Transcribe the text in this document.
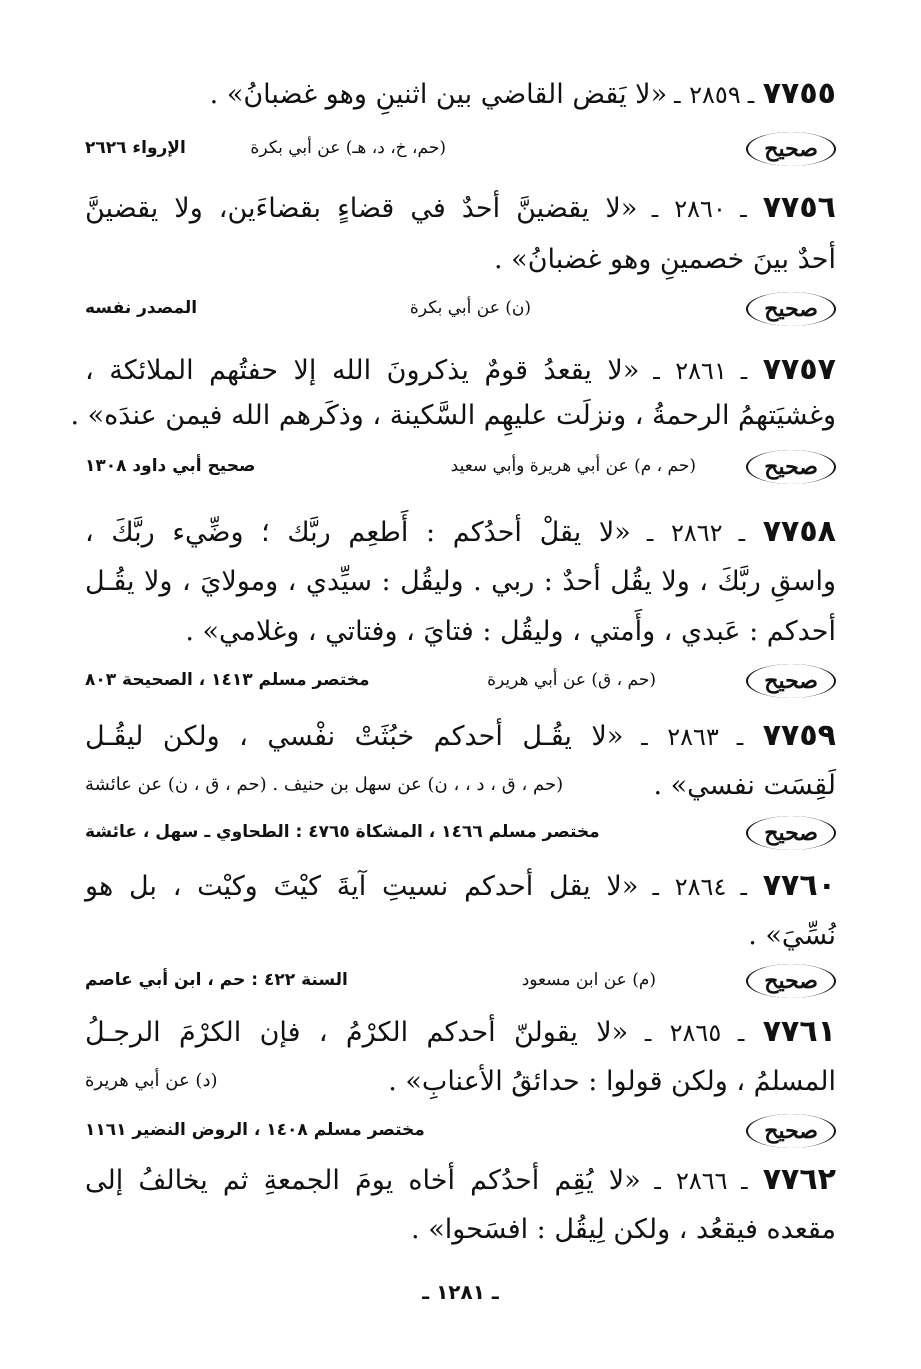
٧٧٥٥ ـ ٢٨٥٩ ـ «لا يَقض القاضي بين اثنينِ وهو غضبانُ» .
صحيح
(حم، خ، د، هـ) عن أبي بكرة
الإرواء ٢٦٢٦
٧٧٥٦ ـ ٢٨٦٠ ـ «لا يقضينَّ أحدٌ في قضاءٍ بقضاءَين، ولا يقضينَّ
أحدٌ بينَ خصمينِ وهو غضبانُ» .
صحيح
(ن) عن أبي بكرة
المصدر نفسه
٧٧٥٧ ـ ٢٨٦١ ـ «لا يقعدُ قومٌ يذكرونَ الله إلا حفتُهم الملائكة ،
وغشيَتهمُ الرحمةُ ، ونزلَت عليهِم السَّكينة ، وذكَرهم الله فيمن عندَه» .
صحيح
(حم ، م) عن أبي هريرة وأبي سعيد
صحيح أبي داود ١٣٠٨
٧٧٥٨ ـ ٢٨٦٢ ـ «لا يقلْ أحدُكم : أَطعِم ربَّك ؛ وضِّيء ربَّكَ ،
واسقِ ربَّكَ ، ولا يقُل أحدٌ : ربي . وليقُل : سيِّدي ، ومولايَ ، ولا يقُـل
أحدكم : عَبدي ، وأَمتي ، وليقُل : فتايَ ، وفتاتي ، وغلامي» .
صحيح
(حم ، ق) عن أبي هريرة
مختصر مسلم ١٤١٣ ، الصحيحة ٨٠٣
٧٧٥٩ ـ ٢٨٦٣ ـ «لا يقُـل أحدكم خبُثَتْ نفْسي ، ولكن ليقُـل
لَقِسَت نفسي» .
(حم ، ق ، د ، ، ن) عن سهل بن حنيف . (حم ، ق ، ن) عن عائشة
صحيح
مختصر مسلم ١٤٦٦ ، المشكاة ٤٧٦٥ : الطحاوي ـ سهل ، عائشة
٧٧٦٠ ـ ٢٨٦٤ ـ «لا يقل أحدكم نسيتِ آيةَ كيْتَ وكيْت ، بل هو
نُسِّيَ» .
صحيح
(م) عن ابن مسعود
السنة ٤٢٢ : حم ، ابن أبي عاصم
٧٧٦١ ـ ٢٨٦٥ ـ «لا يقولنّ أحدكم الكرْمُ ، فإن الكرْمَ الرجـلُ
المسلمُ ، ولكن قولوا : حدائقُ الأعنابِ» .
(د) عن أبي هريرة
صحيح
مختصر مسلم ١٤٠٨ ، الروض النضير ١١٦١
٧٧٦٢ ـ ٢٨٦٦ ـ «لا يُقِم أحدُكم أخاه يومَ الجمعةِ ثم يخالفُ إلى
مقعده فيقعُد ، ولكن لِيقُل : افسَحوا» .
ـ ١٢٨١ ـ
